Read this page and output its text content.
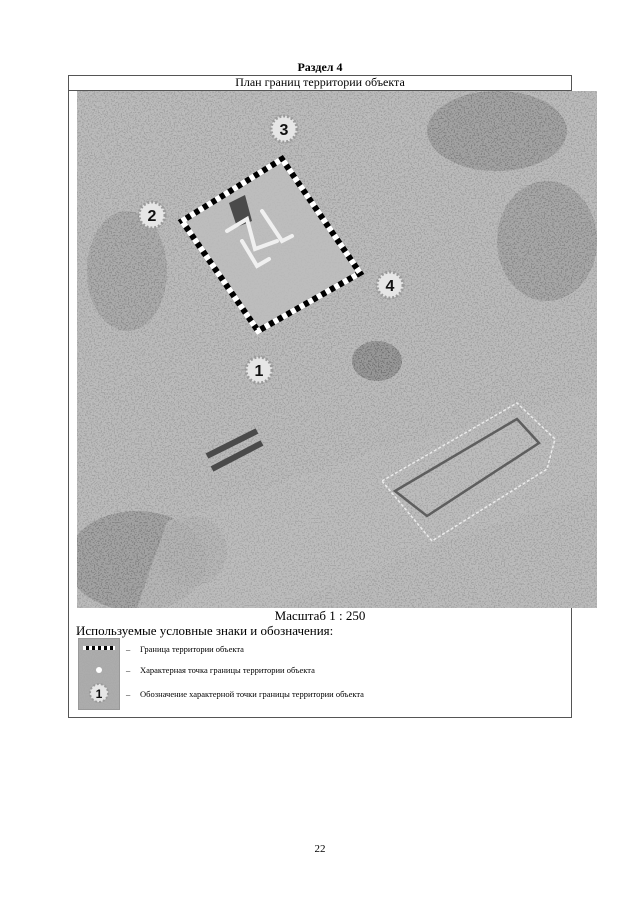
Раздел 4
План границ территории объекта
1
2
3
4
Масштаб 1 : 250
Используемые условные знаки и обозначения:
1
– Граница территории объекта
– Характерная точка границы территории объекта
– Обозначение характерной точки границы территории объекта
22
